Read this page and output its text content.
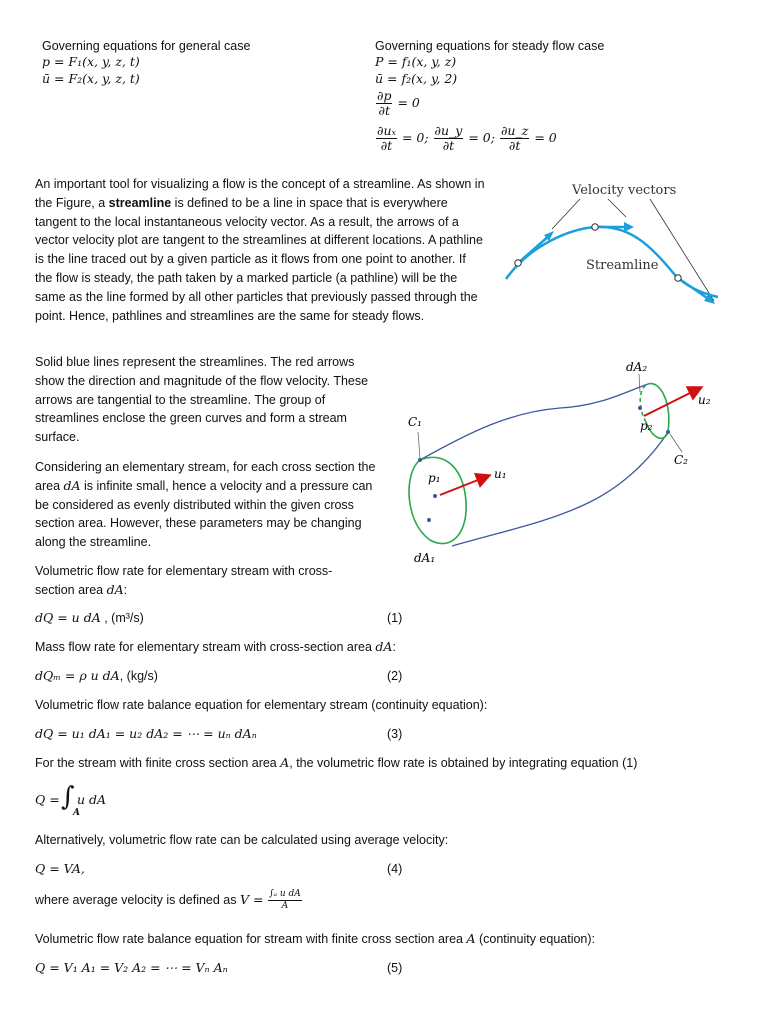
Governing equations for general case
p = F₁(x, y, z, t)
ū = F₂(x, y, z, t)
Governing equations for steady flow case
P = f₁(x, y, z)
ū = f₂(x, y, 2)
$\frac{\partial p}{\partial t} = 0$
$\frac{\text{∂uₓ}}{\partial t} = 0$; $\frac{\partial u\_y}{\partial t} = 0$; $\frac{\partial u\_z}{\partial t} = 0$
An important tool for visualizing a flow is the concept of a streamline. As shown in the Figure, a streamline is defined to be a line in space that is everywhere tangent to the local instantaneous velocity vector. As a result, the arrows of a vector velocity plot are tangent to the streamlines at different locations. A pathline is the line traced out by a given particle as it flows from one point to another. If the flow is steady, the path taken by a marked particle (a pathline) will be the same as the line formed by all other particles that previously passed through the point. Hence, pathlines and streamlines are the same for steady flows.
Velocity vectors
Streamline
Solid blue lines represent the streamlines. The red arrows show the direction and magnitude of the flow velocity. These arrows are tangential to the streamline. The group of streamlines enclose the green curves and form a stream surface.
Considering an elementary stream, for each cross section the area dA is infinite small, hence a velocity and a pressure can be considered as evenly distributed within the given cross section area. However, these parameters may be changing along the streamline.
dA₂
u₂
C₁	p₂
C₂
p₁	u₁
dA₁
Volumetric flow rate for elementary stream with cross-section area dA:
dQ = u dA , (m³/s)	(1)
Mass flow rate for elementary stream with cross-section area dA:
dQₘ = ρ u dA, (kg/s)	(2)
Volumetric flow rate balance equation for elementary stream (continuity equation):
dQ = u₁ dA₁ = u₂ dA₂ = ⋯ = uₙ dAₙ	(3)
For the stream with finite cross section area A, the volumetric flow rate is obtained by integrating equation (1)
Q = ∫
A
u dA
Alternatively, volumetric flow rate can be calculated using average velocity:
Q = VA,	(4)
where average velocity is defined as $V = \frac{\text{∫ₐ u dA}}{A}$
Volumetric flow rate balance equation for stream with finite cross section area A (continuity equation):
Q = V₁ A₁ = V₂ A₂ = ⋯ = Vₙ Aₙ	(5)
